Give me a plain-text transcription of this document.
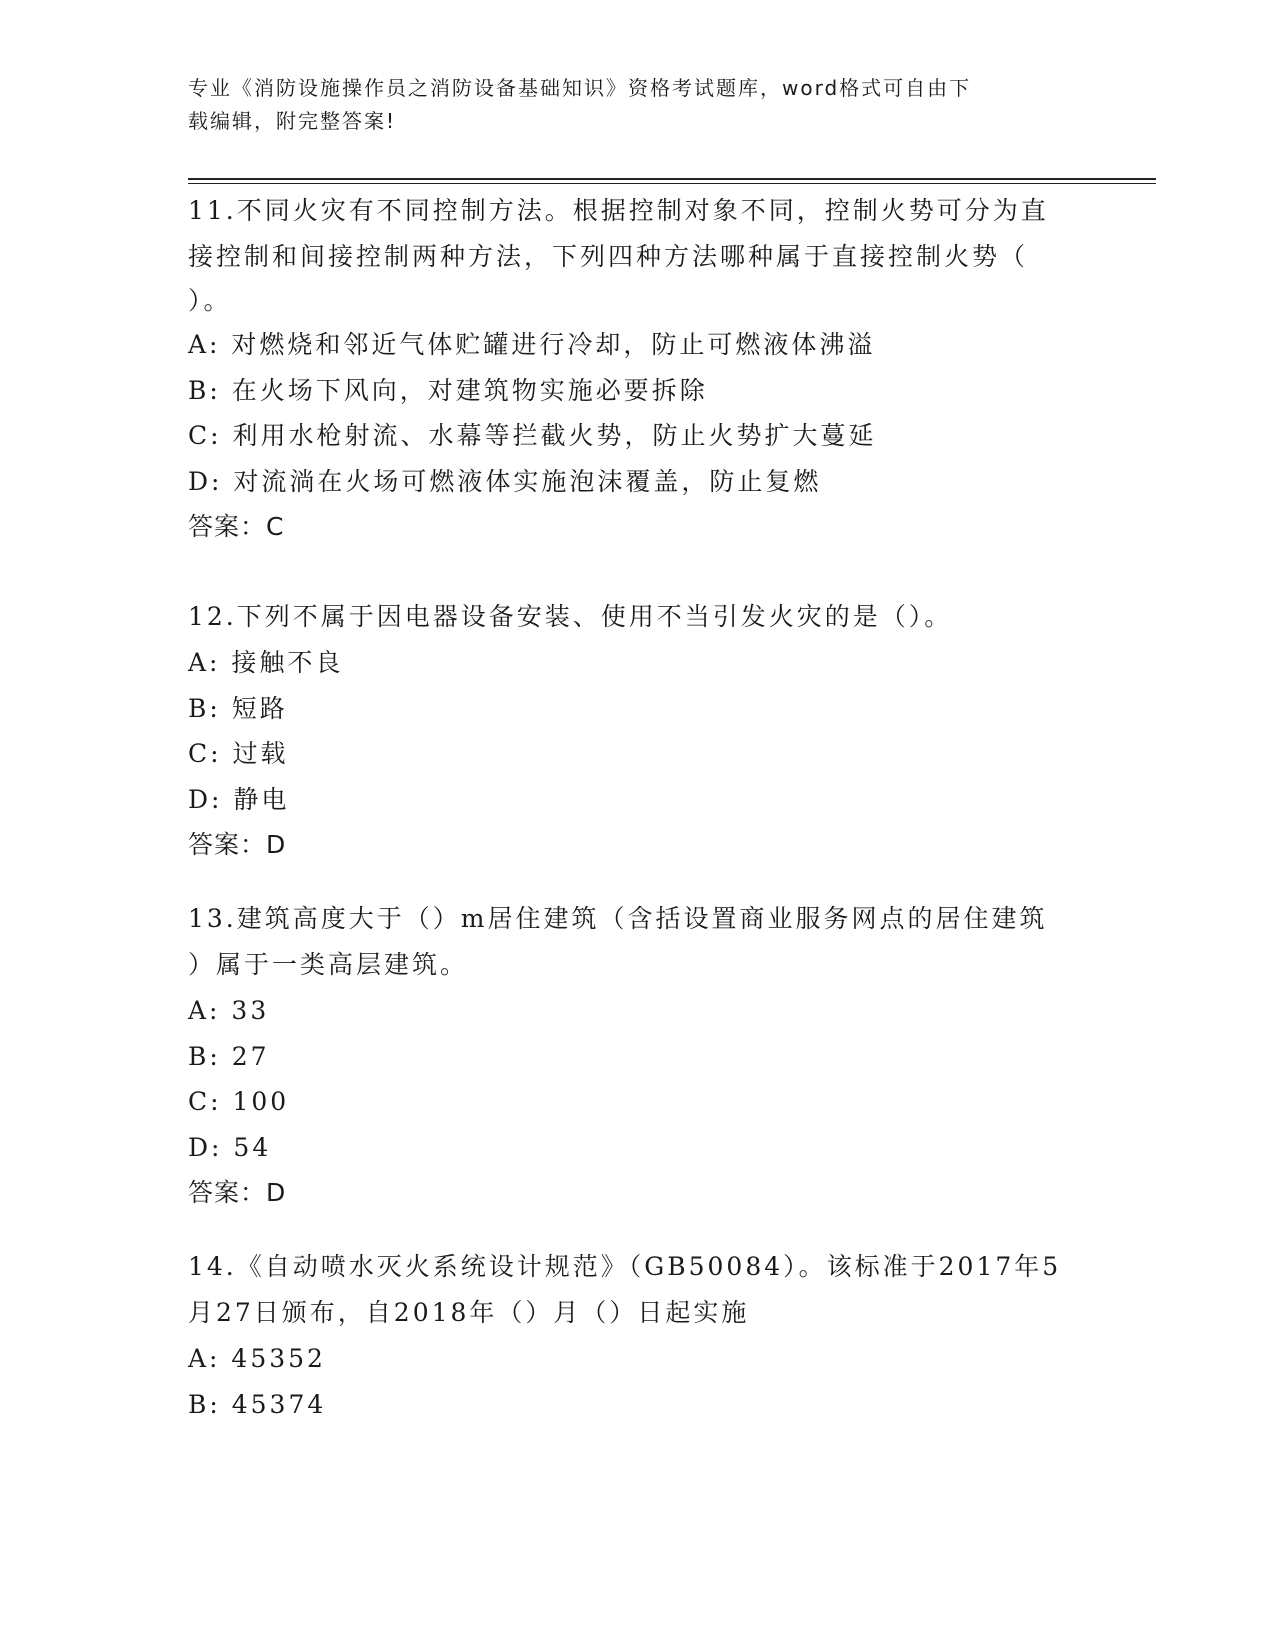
专业《消防设施操作员之消防设备基础知识》资格考试题库，word格式可自由下
载编辑，附完整答案!
11.不同火灾有不同控制方法。根据控制对象不同，控制火势可分为直
接控制和间接控制两种方法，下列四种方法哪种属于直接控制火势（
）。
A: 对燃烧和邻近气体贮罐进行冷却，防止可燃液体沸溢
B: 在火场下风向，对建筑物实施必要拆除
C: 利用水枪射流、水幕等拦截火势，防止火势扩大蔓延
D: 对流淌在火场可燃液体实施泡沫覆盖，防止复燃
答案：C
12.下列不属于因电器设备安装、使用不当引发火灾的是（）。
A: 接触不良
B: 短路
C: 过载
D: 静电
答案：D
13.建筑高度大于（）m居住建筑（含括设置商业服务网点的居住建筑
）属于一类高层建筑。
A: 33
B: 27
C: 100
D: 54
答案：D
14.《自动喷水灭火系统设计规范》（GB50084）。该标准于2017年5
月27日颁布，自2018年（）月（）日起实施
A: 45352
B: 45374
